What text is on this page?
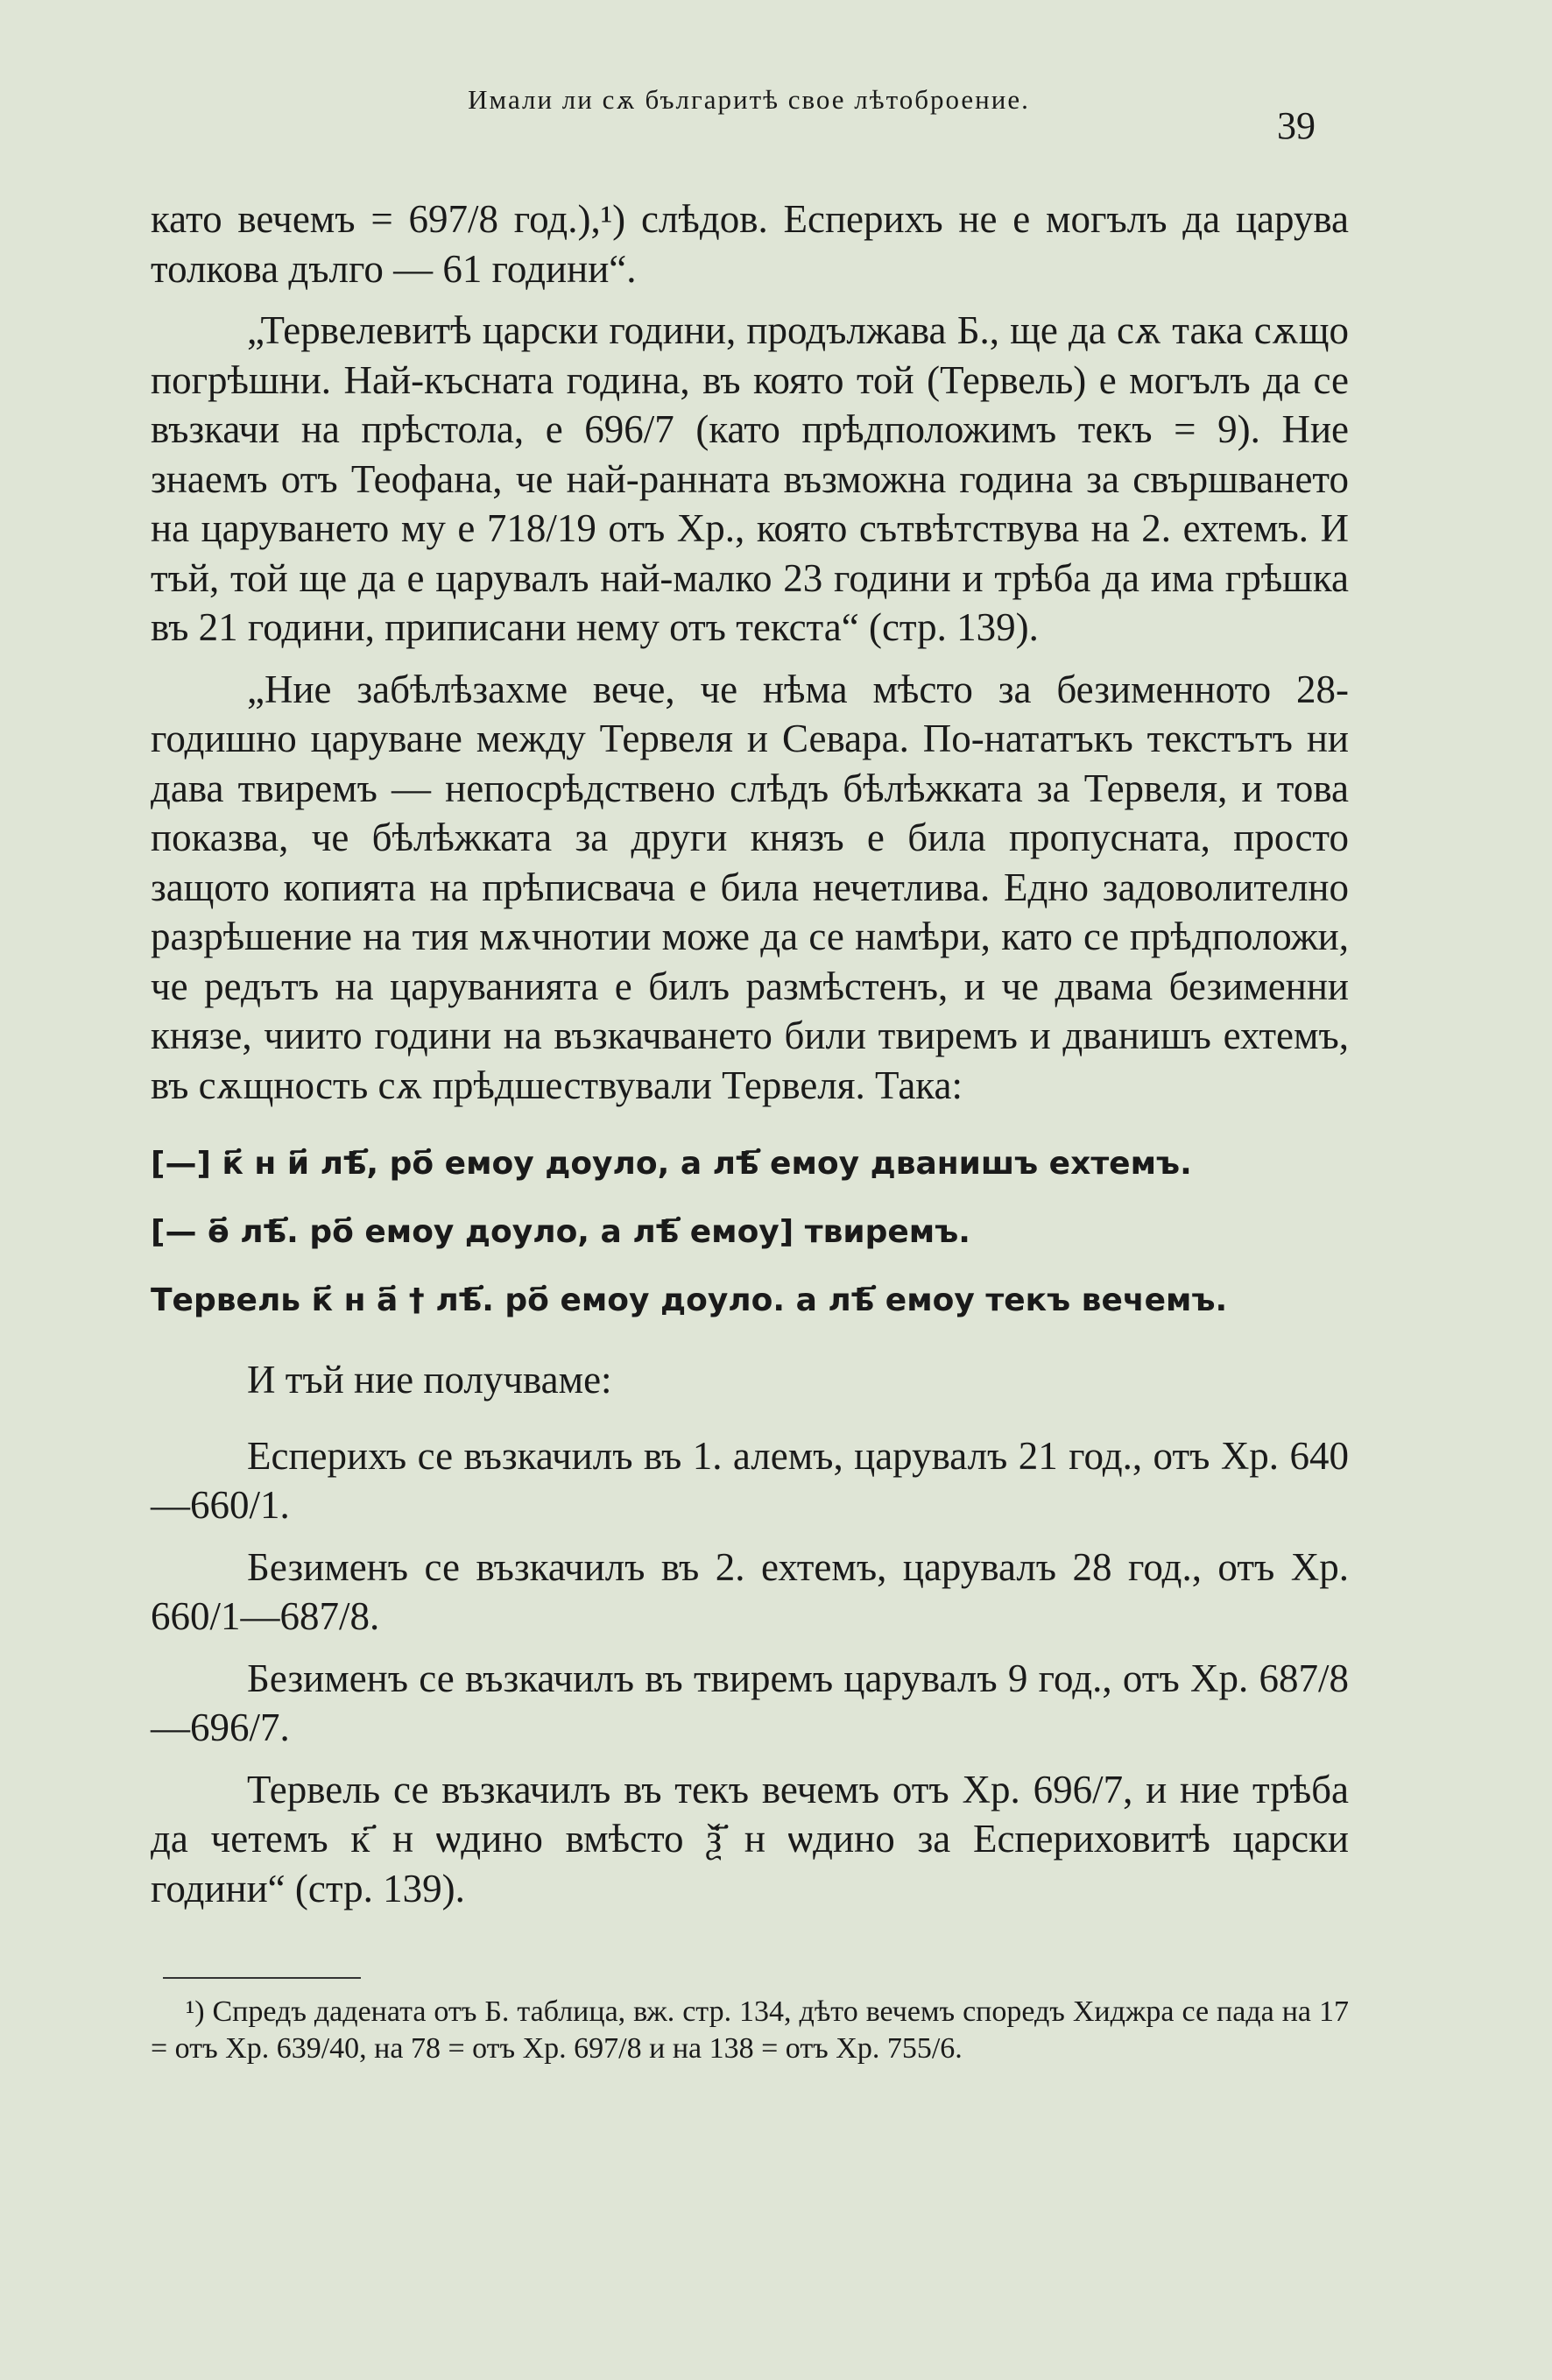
Имали ли сѫ българитѣ свое лѣтоброение.
39

като вечемъ = 697/8 год.),¹) слѣдов. Есперихъ не е могълъ да царува толкова дълго — 61 години“.

„Тервелевитѣ царски години, продължава Б., ще да сѫ така сѫщо погрѣшни. Най-късната година, въ която той (Тервель) е могълъ да се възкачи на прѣстола, е 696/7 (като прѣдположимъ текъ = 9). Ние знаемъ отъ Теофана, че най-ранната възможна година за свършването на царуването му е 718/19 отъ Хр., която сътвѣтствува на 2. ехтемъ. И тъй, той ще да е царувалъ най-малко 23 години и трѣба да има грѣшка въ 21 години, приписани нему отъ текста“ (стр. 139).

„Ние забѣлѣзахме вече, че нѣма мѣсто за безименното 28-годишно царуване между Тервеля и Севара. По-нататъкъ текстътъ ни дава твиремъ — непосрѣдствено слѣдъ бѣлѣжката за Тервеля, и това показва, че бѣлѣжката за други князъ е била пропусната, просто защото копията на прѣписвача е била нечетлива. Едно задоволително разрѣшение на тия мѫчнотии може да се намѣри, като се прѣдположи, че редътъ на царуванията е билъ размѣстенъ, и че двама безименни князе, чиито години на възкачването били твиремъ и дванишъ ехтемъ, въ сѫщность сѫ прѣдшествували Тервеля. Така:

[—] к҃ н и҃ лѣ҃, ро҃ емоу доуло, а лѣ҃ емоу дванишъ ехтемъ.

[— ѳ҃ лѣ҃. ро҃ емоу доуло, а лѣ҃ емоу] твиремъ.

Тервель к҃ н а҃ † лѣ҃. ро҃ емоу доуло. а лѣ҃ емоу текъ вечемъ.

И тъй ние получваме:

Есперихъ се възкачилъ въ 1. алемъ, царувалъ 21 год., отъ Хр. 640—660/1.

Безименъ се възкачилъ въ 2. ехтемъ, царувалъ 28 год., отъ Хр. 660/1—687/8.

Безименъ се възкачилъ въ твиремъ царувалъ 9 год., отъ Хр. 687/8—696/7.

Тервель се възкачилъ въ текъ вечемъ отъ Хр. 696/7, и ние трѣба да четемъ к҃ н ѡдино вмѣсто ѯ҃ н ѡдино за Еспериховитѣ царски години“ (стр. 139).

¹) Спредъ дадената отъ Б. таблица, вж. стр. 134, дѣто вечемъ споредъ Хиджра се пада на 17 = отъ Хр. 639/40, на 78 = отъ Хр. 697/8 и на 138 = отъ Хр. 755/6.
